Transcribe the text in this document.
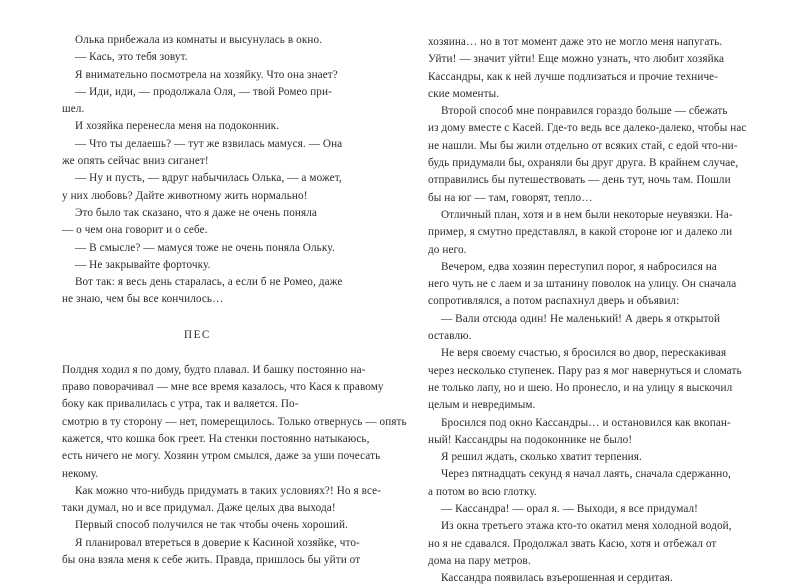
Олька прибежала из комнаты и высунулась в окно.
— Кась, это тебя зовут.
Я внимательно посмотрела на хозяйку. Что она знает?
— Иди, иди, — продолжала Оля, — твой Ромео при-
шел.
И хозяйка перенесла меня на подоконник.
— Что ты делаешь? — тут же взвилась мамуся. — Она
же опять сейчас вниз сиганет!
— Ну и пусть, — вдруг набычилась Олька, — а может,
у них любовь? Дайте животному жить нормально!
Это было так сказано, что я даже не очень поняла
— о чем она говорит и о себе.
— В смысле? — мамуся тоже не очень поняла Ольку.
— Не закрывайте форточку.
Вот так: я весь день старалась, а если б не Ромео, даже
не знаю, чем бы все кончилось…
ПЕС
Полдня ходил я по дому, будто плавал. И башку постоянно на-
право поворачивал — мне все время казалось, что Кася к правому
боку как привалилась с утра, так и валяется. По-
смотрю в ту сторону — нет, померещилось. Только отвернусь — опять
кажется, что кошка бок греет. На стенки постоянно натыкаюсь,
есть ничего не могу. Хозяин утром смылся, даже за уши почесать
некому.
Как можно что-нибудь придумать в таких условиях?! Но я все-
таки думал, но и все придумал. Даже целых два выхода!
Первый способ получился не так чтобы очень хороший.
Я планировал втереться в доверие к Касиной хозяйке, что-
бы она взяла меня к себе жить. Правда, пришлось бы уйти от
хозяина… но в тот момент даже это не могло меня напугать.
Уйти! — значит уйти! Еще можно узнать, что любит хозяйка
Кассандры, как к ней лучше подлизаться и прочие техниче-
ские моменты.
Второй способ мне понравился гораздо больше — сбежать
из дому вместе с Касей. Где-то ведь все далеко-далеко, чтобы нас
не нашли. Мы бы жили отдельно от всяких стай, с едой что-ни-
будь придумали бы, охраняли бы друг друга. В крайнем случае,
отправились бы путешествовать — день тут, ночь там. Пошли
бы на юг — там, говорят, тепло…
Отличный план, хотя и в нем были некоторые неувязки. На-
пример, я смутно представлял, в какой стороне юг и далеко ли
до него.
Вечером, едва хозяин переступил порог, я набросился на
него чуть не с лаем и за штанину поволок на улицу. Он сначала
сопротивлялся, а потом распахнул дверь и объявил:
— Вали отсюда один! Не маленький! А дверь я открытой
оставлю.
Не веря своему счастью, я бросился во двор, перескакивая
через несколько ступенек. Пару раз я мог навернуться и сломать
не только лапу, но и шею. Но пронесло, и на улицу я выскочил
целым и невредимым.
Бросился под окно Кассандры… и остановился как вкопан-
ный! Кассандры на подоконнике не было!
Я решил ждать, сколько хватит терпения.
Через пятнадцать секунд я начал лаять, сначала сдержанно,
а потом во всю глотку.
— Кассандра! — орал я. — Выходи, я все придумал!
Из окна третьего этажа кто-то окатил меня холодной водой,
но я не сдавался. Продолжал звать Касю, хотя и отбежал от
дома на пару метров.
Кассандра появилась взъерошенная и сердитая.
